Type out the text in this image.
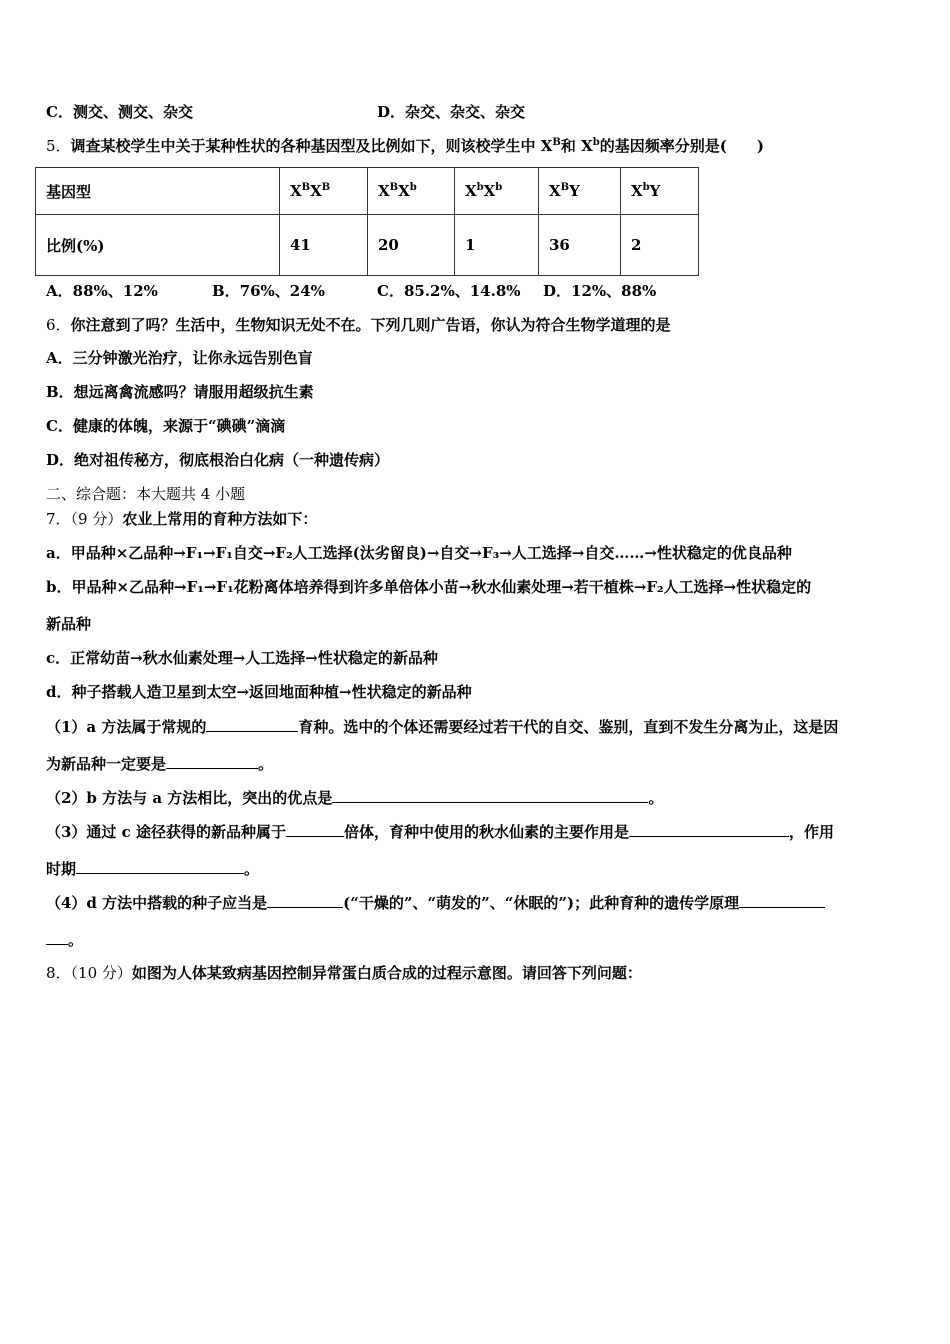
C．测交、测交、杂交	D．杂交、杂交、杂交
5．调查某校学生中关于某种性状的各种基因型及比例如下，则该校学生中 $X^B$和 $X^b$的基因频率分别是(　　)
基因型	$X^BX^B$	$X^BX^b$	$X^bX^b$	$X^BY$	$X^bY$
比例(%)	41	20	1	36	2
A．88%、12%	B．76%、24%	C．85.2%、14.8% D．12%、88%
6．你注意到了吗？生活中，生物知识无处不在。下列几则广告语，你认为符合生物学道理的是
A．三分钟激光治疗，让你永远告别色盲
B．想远离禽流感吗？请服用超级抗生素
C．健康的体魄，来源于“碘碘”滴滴
D．绝对祖传秘方，彻底根治白化病（一种遗传病）
二、综合题：本大题共 4 小题
7．（9 分）农业上常用的育种方法如下：
a．甲品种×乙品种→F₁→F₁自交→F₂人工选择(汰劣留良)→自交→F₃→人工选择→自交……→性状稳定的优良品种
b．甲品种×乙品种→F₁→F₁花粉离体培养得到许多单倍体小苗→秋水仙素处理→若干植株→F₂人工选择→性状稳定的
新品种
c．正常幼苗→秋水仙素处理→人工选择→性状稳定的新品种
d．种子搭载人造卫星到太空→返回地面种植→性状稳定的新品种
（1）a 方法属于常规的	育种。选中的个体还需要经过若干代的自交、鉴别，直到不发生分离为止，这是因
为新品种一定要是	。
（2）b 方法与 a 方法相比，突出的优点是	。
（3）通过 c 途径获得的新品种属于	倍体，育种中使用的秋水仙素的主要作用是	，作用
时期	。
（4）d 方法中搭载的种子应当是	(“干燥的”、“萌发的”、“休眠的”)；此种育种的遗传学原理
。
8．（10 分）如图为人体某致病基因控制异常蛋白质合成的过程示意图。请回答下列问题：
